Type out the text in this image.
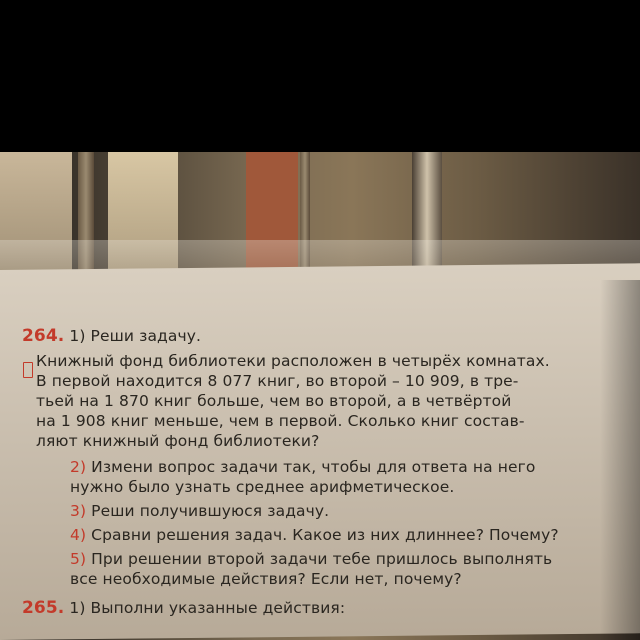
264. 1) Реши задачу.
Книжный фонд библиотеки расположен в четырёх комнатах.
В первой находится 8 077 книг, во второй – 10 909, в тре-
тьей на 1 870 книг больше, чем во второй, а в четвёртой
на 1 908 книг меньше, чем в первой. Сколько книг состав-
ляют книжный фонд библиотеки?
2) Измени вопрос задачи так, чтобы для ответа на него
нужно было узнать среднее арифметическое.
3) Реши получившуюся задачу.
4) Сравни решения задач. Какое из них длиннее? Почему?
5) При решении второй задачи тебе пришлось выполнять
все необходимые действия? Если нет, почему?
265. 1) Выполни указанные действия:
